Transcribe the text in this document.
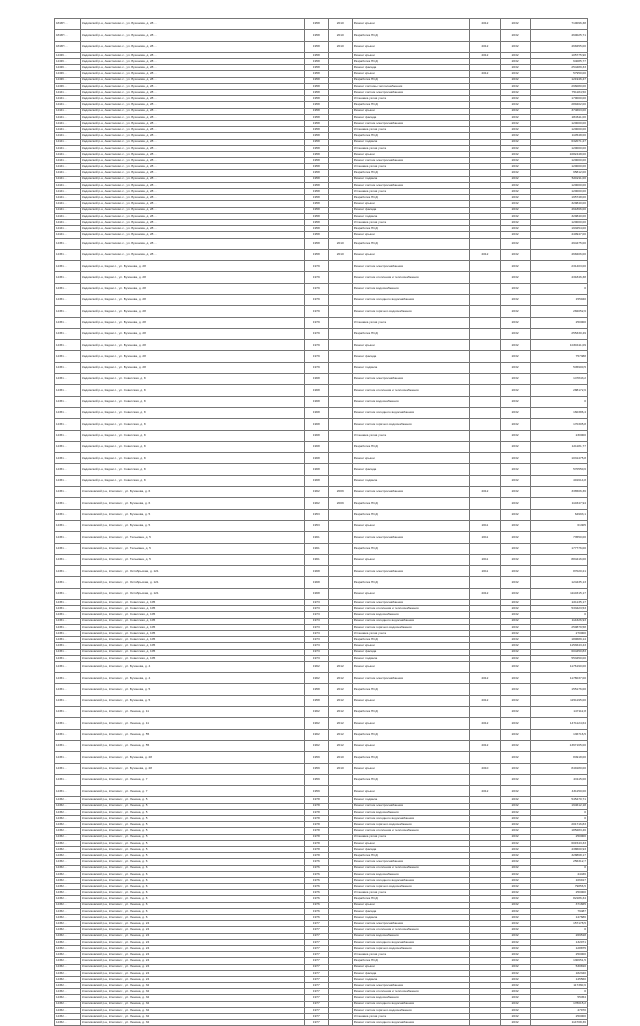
184ЗП ...	Кадомский р-н, Анастасово с., ул. Бузонова, д. 28 ...	1958	2010	Ремонт крыши	2012	2032	710096,38
184ЗП ...	Кадомский р-н, Анастасово с., ул. Бузонова, д. 28 ...	1958	2010	Разработка ПСД		2032	460025,71
184ЗП ...	Кадомский р-н, Анастасово с., ул. Бузонова, д. 28 ...	1958	2010	Ремонт крыши	2012	2032	468455,00
14436 ...	Кадомский р-н, Анастасово с., ул. Бузонова, д. 28 ...	1958		Ремонт крыши	2012	2032	105775,90
14436 ...	Кадомский р-н, Анастасово с., ул. Бузонова, д. 28 ...	1958		Разработка ПСД		2032	64085,77
14436 ...	Кадомский р-н, Анастасово с., ул. Бузонова, д. 28 ...	1958		Ремонт фасада		2032	254489,33
14436 ...	Кадомский р-н, Анастасово с., ул. Бузонова, д. 28 ...	1958		Ремонт крыши	2012	2032	57950,00
14436 ...	Кадомский р-н, Анастасово с., ул. Бузонова, д. 28 ...	1958		Разработка ПСД		2032	121946,47
14436 ...	Кадомский р-н, Анастасово с., ул. Бузонова, д. 28 ...	1958		Ремонт системы теплоснабжения		2032	296080,00
14441 ...	Кадомский р-н, Анастасово с., ул. Бузонова, д. 28 ...	1958		Ремонт систем электроснабжения		2032	751184,50
14441 ...	Кадомский р-н, Анастасово с., ул. Бузонова, д. 28 ...	1958		Установка узлов учета		2032	170000,00
14441 ...	Кадомский р-н, Анастасово с., ул. Бузонова, д. 28 ...	1958		Разработка ПСД		2032	289402,00
14441 ...	Кадомский р-н, Анастасово с., ул. Бузонова, д. 28 ...	1958		Ремонт крыши		2032	374663,00
14441 ...	Кадомский р-н, Анастасово с., ул. Бузонова, д. 28 ...	1958		Ремонт фасада		2032	284611,00
14441 ...	Кадомский р-н, Анастасово с., ул. Бузонова, д. 28 ...	1958		Ремонт систем электроснабжения		2032	120000,00
14441 ...	Кадомский р-н, Анастасово с., ул. Бузонова, д. 28 ...	1958		Установка узлов учета		2032	120000,00
14441 ...	Кадомский р-н, Анастасово с., ул. Бузонова, д. 28 ...	1958		Разработка ПСД		2032	110548,00
14441 ...	Кадомский р-н, Анастасово с., ул. Бузонова, д. 28 ...	1958		Ремонт подвала		2032	632071,27
14441 ...	Кадомский р-н, Анастасово с., ул. Бузонова, д. 28 ...	1958		Установка узлов учета		2032	120000,00
14441 ...	Кадомский р-н, Анастасово с., ул. Бузонова, д. 28 ...	1958		Ремонт крыши		2032	1082448,00
14441 ...	Кадомский р-н, Анастасово с., ул. Бузонова, д. 28 ...	1958		Ремонт систем электроснабжения		2032	120000,00
14441 ...	Кадомский р-н, Анастасово с., ул. Бузонова, д. 28 ...	1958		Установка узлов учета		2032	120000,00
14441 ...	Кадомский р-н, Анастасово с., ул. Бузонова, д. 28 ...	1958		Разработка ПСД		2032	95812,00
14441 ...	Кадомский р-н, Анастасово с., ул. Бузонова, д. 28 ...	1958		Ремонт подвала		2032	520211,00
14441 ...	Кадомский р-н, Анастасово с., ул. Бузонова, д. 28 ...	1958		Ремонт систем электроснабжения		2032	120000,00
14441 ...	Кадомский р-н, Анастасово с., ул. Бузонова, д. 28 ...	1958		Установка узлов учета		2032	120000,00
14441 ...	Кадомский р-н, Анастасово с., ул. Бузонова, д. 28 ...	1958		Разработка ПСД		2032	195748,00
14441 ...	Кадомский р-н, Анастасово с., ул. Бузонова, д. 28 ...	1958		Ремонт крыши		2032	329840,00
14441 ...	Кадомский р-н, Анастасово с., ул. Бузонова, д. 28 ...	1958		Ремонт фасада		2032	461866,00
14441 ...	Кадомский р-н, Анастасово с., ул. Бузонова, д. 28 ...	1958		Ремонт подвала		2032	329840,00
14441 ...	Кадомский р-н, Анастасово с., ул. Бузонова, д. 28 ...	1958		Установка узлов учета		2032	120000,00
14441 ...	Кадомский р-н, Анастасово с., ул. Бузонова, д. 28 ...	1958		Разработка ПСД		2032	193254,00
14441 ...	Кадомский р-н, Анастасово с., ул. Бузонова, д. 28 ...	1958		Ремонт крыши		2032	440947,00
14451 ...	Кадомский р-н, Анастасово с., ул. Бузонова, д. 28 ...	1958	2010	Разработка ПСД		2032	494475,00
14451 ...	Кадомский р-н, Анастасово с., ул. Бузонова, д. 28 ...	1958	2010	Ремонт крыши	2012	2032	468406,00
14451 ...	Кадомский р-н, Кадом с., ул. Бузонова, д. 28	1979		Ремонт систем электроснабжения		2032	231403,00
14451 ...	Кадомский р-н, Кадом с., ул. Бузонова, д. 28	1979		Ремонт систем отопления и теплоснабжения		2032	431846,38
14451 ...	Кадомский р-н, Кадом с., ул. Бузонова, д. 28	1979		Ремонт систем водоснабжения		2032	0
14451 ...	Кадомский р-н, Кадом с., ул. Бузонова, д. 28	1979		Ремонт систем холодного водоснабжения		2032	155040
14451 ...	Кадомский р-н, Кадом с., ул. Бузонова, д. 28	1979		Ремонт систем горячего водоснабжения		2032	282052,6
14451 ...	Кадомский р-н, Кадом с., ул. Бузонова, д. 28	1979		Установка узлов учета		2032	250000
14451 ...	Кадомский р-н, Кадом с., ул. Бузонова, д. 28	1979		Разработка ПСД		2032	255330,49
14451 ...	Кадомский р-н, Кадом с., ул. Бузонова, д. 28	1979		Ремонт крыши		2032	1030411,09
14451 ...	Кадомский р-н, Кадом с., ул. Бузонова, д. 28	1979		Ремонт фасада		2032	757388
14451 ...	Кадомский р-н, Кадом с., ул. Бузонова, д. 28	1979		Ремонт подвала		2032	545900,5
14451 ...	Кадомский р-н, Кадом с., ул. Советская, д. 8	1968		Ремонт систем электроснабжения		2032	147843,2
14451 ...	Кадомский р-н, Кадом с., ул. Советская, д. 8	1968		Ремонт систем отопления и теплоснабжения		2032	288172,6
14451 ...	Кадомский р-н, Кадом с., ул. Советская, д. 8	1968		Ремонт систем водоснабжения		2032	0
14451 ...	Кадомский р-н, Кадом с., ул. Советская, д. 8	1968		Ремонт систем холодного водоснабжения		2032	160386,4
14451 ...	Кадомский р-н, Кадом с., ул. Советская, д. 8	1968		Ремонт систем горячего водоснабжения		2032	170305,8
14451 ...	Кадомский р-н, Кадом с., ул. Советская, д. 8	1968		Установка узлов учета		2032	230000
14451 ...	Кадомский р-н, Кадом с., ул. Советская, д. 8	1968		Разработка ПСД		2032	121181,77
14451 ...	Кадомский р-н, Кадом с., ул. Советская, д. 8	1968		Ремонт крыши		2032	1031475,8
14451 ...	Кадомский р-н, Кадом с., ул. Советская, д. 8	1968		Ремонт фасада		2032	570550,6
14451 ...	Кадомский р-н, Кадом с., ул. Советская, д. 8	1968		Ремонт подвала		2032	401614,8
14451 ...	Клепиковский р-н, Клепики г., ул. Бузонова, д. 6	1962	2009	Ремонт систем электроснабжения	2012	2032	336506,36
14451 ...	Клепиковский р-н, Клепики г., ул. Бузонова, д. 6	1962	2009	Разработка ПСД		2032	110347,94
14451 ...	Клепиковский р-н, Клепики г., ул. Бузонова, д. 5	1953		Разработка ПСД		2032	64993,1
14451 ...	Клепиковский р-н, Клепики г., ул. Бузонова, д. 5	1953		Ремонт крыши	2011	2032	61305
14451 ...	Клепиковский р-н, Клепики г., ул. Тельмана, д. 5	1961		Ремонт систем электроснабжения	2011	2032	73550,00
14451 ...	Клепиковский р-н, Клепики г., ул. Тельмана, д. 5	1961		Разработка ПСД		2032	177776,00
14451 ...	Клепиковский р-н, Клепики г., ул. Тельмана, д. 5	1961		Ремонт крыши	2011	2032	884416,00
14451 ...	Клепиковский р-н, Клепики г., ул. Октябрьская, д. 121	1968		Ремонт систем электроснабжения	2011	2032	87020,21
14451 ...	Клепиковский р-н, Клепики г., ул. Октябрьская, д. 121	1968		Разработка ПСД		2032	124435,13
14451 ...	Клепиковский р-н, Клепики г., ул. Октябрьская, д. 121	1968		Ремонт крыши	2012	2032	1110315,17
14451 ...	Клепиковский р-н, Клепики г., ул. Советская, д. 105	1973		Ремонт систем электроснабжения		2032	221135,17
14451 ...	Клепиковский р-н, Клепики г., ул. Советская, д. 105	1973		Ремонт систем отопления и теплоснабжения		2032	533423,53
14451 ...	Клепиковский р-н, Клепики г., ул. Советская, д. 105	1973		Ремонт систем водоснабжения		2032	0
14451 ...	Клепиковский р-н, Клепики г., ул. Советская, д. 105	1973		Ремонт систем холодного водоснабжения		2032	114326,93
14451 ...	Клепиковский р-н, Клепики г., ул. Советская, д. 105	1973		Ремонт систем горячего водоснабжения		2032	250879,58
14451 ...	Клепиковский р-н, Клепики г., ул. Советская, д. 105	1973		Установка узлов учета		2032	270000
14451 ...	Клепиковский р-н, Клепики г., ул. Советская, д. 105	1973		Разработка ПСД		2032	180689,14
14451 ...	Клепиковский р-н, Клепики г., ул. Советская, д. 105	1973		Ремонт крыши		2032	1153643,43
14451 ...	Клепиковский р-н, Клепики г., ул. Советская, д. 105	1973		Ремонт фасада		2032	604450,83
14451 ...	Клепиковский р-н, Клепики г., ул. Советская, д. 105	1973		Ремонт подвала		2032	553450,00
14451 ...	Клепиковский р-н, Клепики г., ул. Бузонова, д. 4	1962	2012	Ремонт крыши		2032	1176190,00
14451 ...	Клепиковский р-н, Клепики г., ул. Бузонова, д. 4	1962	2012	Ремонт систем электроснабжения	2012	2032	1178037,00
14451 ...	Клепиковский р-н, Клепики г., ул. Бузонова, д. 5	1958	2012	Разработка ПСД		2032	155176,00
14451 ...	Клепиковский р-н, Клепики г., ул. Бузонова, д. 5	1958	2012	Ремонт крыши	2012	2032	1151195,00
14451 ...	Клепиковский р-н, Клепики г., ул. Ленина, д. 11	1962	2012	Разработка ПСД		2032	147112,8
14451 ...	Клепиковский р-н, Клепики г., ул. Ленина, д. 11	1962	2012	Ремонт крыши	2012	2032	1471124,64
14451 ...	Клепиковский р-н, Клепики г., ул. Ленина, д. 55	1962	2012	Разработка ПСД		2032	136716,5
14451 ...	Клепиковский р-н, Клепики г., ул. Ленина, д. 55	1962	2012	Ремонт крыши	2012	2032	1367165,00
14451 ...	Клепиковский р-н, Клепики г., ул. Бузонова, д. 28	1959	2010	Разработка ПСД		2032	84918,00
14451 ...	Клепиковский р-н, Клепики г., ул. Бузонова, д. 28	1959	2010	Ремонт крыши	2010	2032	849180,00
14451 ...	Клепиковский р-н, Клепики г., ул. Ленина, д. 7	1959		Разработка ПСД		2032	43115,00
14451 ...	Клепиковский р-н, Клепики г., ул. Ленина, д. 7	1959		Ремонт крыши	2012	2032	431150,00
14452 ...	Клепиковский р-н, Клепики г., ул. Ленина, д. 5	1978		Ремонт подвала		2032	545470,71
14452 ...	Клепиковский р-н, Клепики г., ул. Ленина, д. 5	1978		Ремонт систем электроснабжения		2032	194612,18
14452 ...	Клепиковский р-н, Клепики г., ул. Ленина, д. 5	1978		Ремонт систем водоснабжения		2032	0
14452 ...	Клепиковский р-н, Клепики г., ул. Ленина, д. 5	1978		Ремонт систем холодного водоснабжения		2032	0
14452 ...	Клепиковский р-н, Клепики г., ул. Ленина, д. 5	1978		Ремонт систем горячего водоснабжения		2032	201716,83
14452 ...	Клепиковский р-н, Клепики г., ул. Ленина, д. 5	1978		Ремонт систем отопления и теплоснабжения		2032	185283,46
14452 ...	Клепиковский р-н, Клепики г., ул. Ленина, д. 5	1978		Установка узлов учета		2032	250000
14452 ...	Клепиковский р-н, Клепики г., ул. Ленина, д. 5	1978		Ремонт крыши		2032	601543,33
14452 ...	Клепиковский р-н, Клепики г., ул. Ленина, д. 5	1978		Ремонт фасада		2032	438600,93
14452 ...	Клепиковский р-н, Клепики г., ул. Ленина, д. 5	1978		Разработка ПСД		2032	328868,17
14452 ...	Клепиковский р-н, Клепики г., ул. Ленина, д. 6	1976		Ремонт систем электроснабжения		2032	256312,7
14452 ...	Клепиковский р-н, Клепики г., ул. Ленина, д. 6	1976		Ремонт систем отопления и теплоснабжения		2032	0
14452 ...	Клепиковский р-н, Клепики г., ул. Ленина, д. 6	1976		Ремонт систем водоснабжения		2032	44436
14452 ...	Клепиковский р-н, Клепики г., ул. Ленина, д. 6	1976		Ремонт систем холодного водоснабжения		2032	106917
14452 ...	Клепиковский р-н, Клепики г., ул. Ленина, д. 6	1976		Ремонт систем горячего водоснабжения		2032	79856,5
14452 ...	Клепиковский р-н, Клепики г., ул. Ленина, д. 6	1976		Установка узлов учета		2032	250000
14452 ...	Клепиковский р-н, Клепики г., ул. Ленина, д. 6	1976		Разработка ПСД		2032	82186,34
14452 ...	Клепиковский р-н, Клепики г., ул. Ленина, д. 6	1976		Ремонт крыши		2032	371665
14452 ...	Клепиковский р-н, Клепики г., ул. Ленина, д. 6	1976		Ремонт фасада		2032	79487
14452 ...	Клепиковский р-н, Клепики г., ул. Ленина, д. 6	1976		Ремонт подвала		2032	147686
14452 ...	Клепиковский р-н, Клепики г., ул. Ленина, д. 24	1977		Ремонт систем электроснабжения		2032	157178,5
14452 ...	Клепиковский р-н, Клепики г., ул. Ленина, д. 24	1977		Ремонт систем отопления и теплоснабжения		2032	0
14452 ...	Клепиковский р-н, Клепики г., ул. Ленина, д. 24	1977		Ремонт систем водоснабжения		2032	269518
14452 ...	Клепиковский р-н, Клепики г., ул. Ленина, д. 24	1977		Ремонт систем холодного водоснабжения		2032	132071
14452 ...	Клепиковский р-н, Клепики г., ул. Ленина, д. 24	1977		Ремонт систем горячего водоснабжения		2032	128875
14452 ...	Клепиковский р-н, Клепики г., ул. Ленина, д. 24	1977		Установка узлов учета		2032	250000
14452 ...	Клепиковский р-н, Клепики г., ул. Ленина, д. 24	1977		Разработка ПСД		2032	130651,5
14452 ...	Клепиковский р-н, Клепики г., ул. Ленина, д. 24	1977		Ремонт крыши		2032	530810
14452 ...	Клепиковский р-н, Клепики г., ул. Ленина, д. 24	1977		Ремонт фасада		2032	182340
14452 ...	Клепиковский р-н, Клепики г., ул. Ленина, д. 24	1977		Ремонт подвала		2032	145560
14452 ...	Клепиковский р-н, Клепики г., ул. Ленина, д. 32	1977		Ремонт систем электроснабжения		2032	117360,6
14452 ...	Клепиковский р-н, Клепики г., ул. Ленина, д. 32	1977		Ремонт систем отопления и теплоснабжения		2032	0
14452 ...	Клепиковский р-н, Клепики г., ул. Ленина, д. 32	1977		Ремонт систем водоснабжения		2032	55454
14452 ...	Клепиковский р-н, Клепики г., ул. Ленина, д. 32	1977		Ремонт систем холодного водоснабжения		2032	178015,2
14452 ...	Клепиковский р-н, Клепики г., ул. Ленина, д. 32	1977		Ремонт систем горячего водоснабжения		2032	47970
14452 ...	Клепиковский р-н, Клепики г., ул. Ленина, д. 32	1977		Установка узлов учета		2032	250000
14452 ...	Клепиковский р-н, Клепики г., ул. Ленина, д. 32	1977		Ремонт систем холодного водоснабжения		2032	114708,36
